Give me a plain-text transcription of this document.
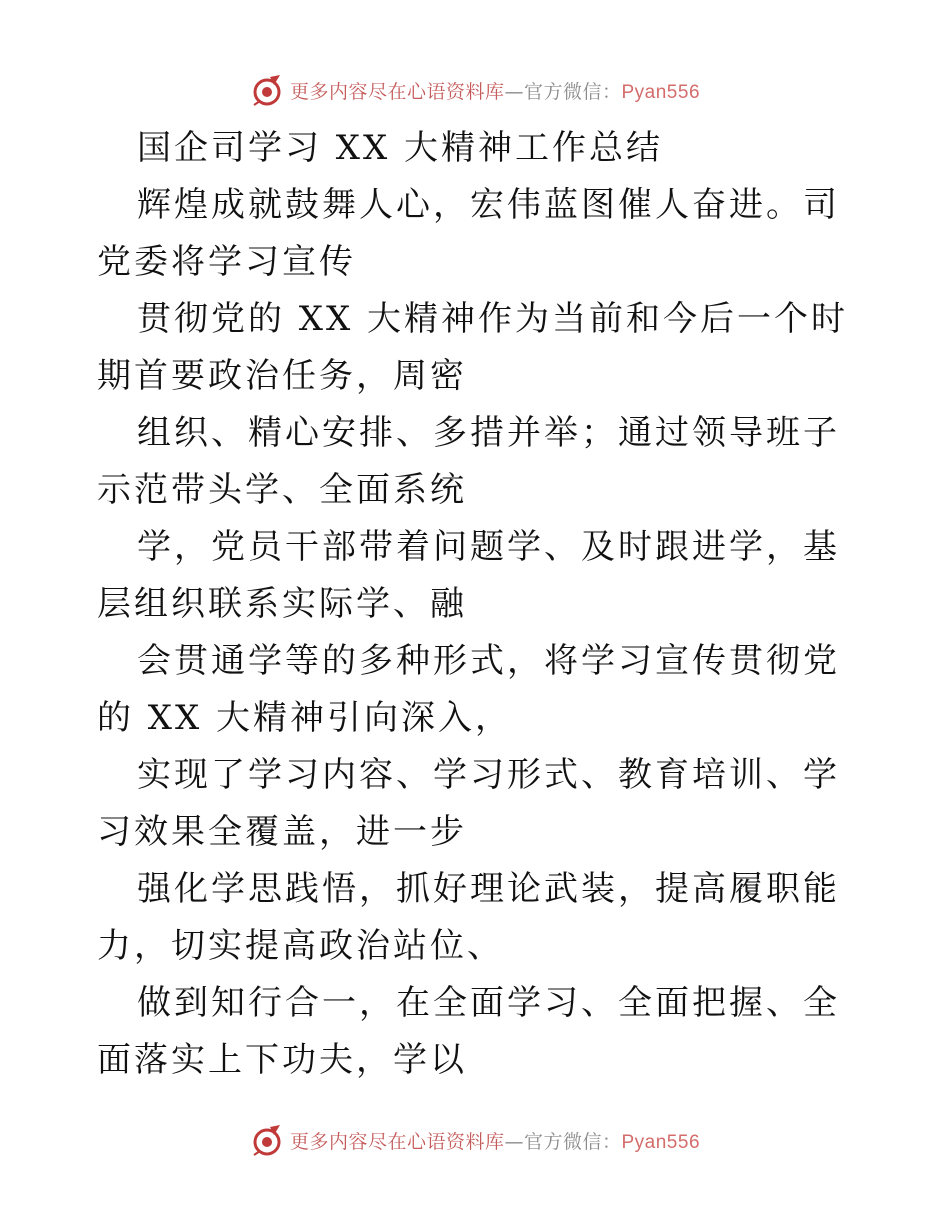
更多内容尽在心语资料库—官方微信：Pyan556

国企司学习 XX 大精神工作总结

辉煌成就鼓舞人心，宏伟蓝图催人奋进。司党委将学习宣传

贯彻党的 XX 大精神作为当前和今后一个时期首要政治任务，周密

组织、精心安排、多措并举；通过领导班子示范带头学、全面系统

学，党员干部带着问题学、及时跟进学，基层组织联系实际学、融

会贯通学等的多种形式，将学习宣传贯彻党的 XX 大精神引向深入，

实现了学习内容、学习形式、教育培训、学习效果全覆盖，进一步

强化学思践悟，抓好理论武装，提高履职能力，切实提高政治站位、

做到知行合一，在全面学习、全面把握、全面落实上下功夫，学以

更多内容尽在心语资料库—官方微信：Pyan556
